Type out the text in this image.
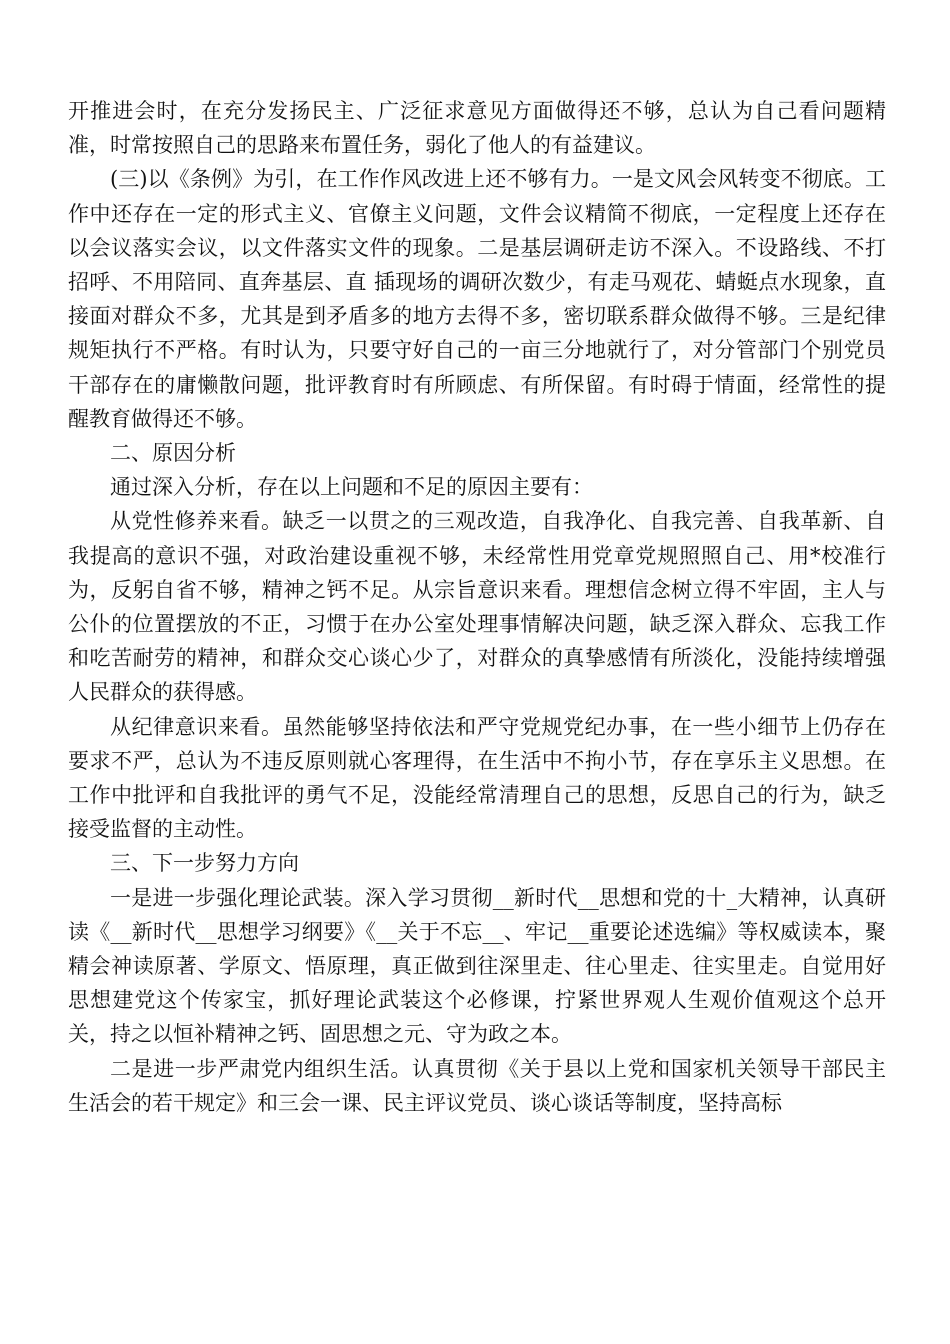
开推进会时，在充分发扬民主、广泛征求意见方面做得还不够，总认为自己看问题精准，时常按照自己的思路来布置任务，弱化了他人的有益建议。

(三)以《条例》为引，在工作作风改进上还不够有力。一是文风会风转变不彻底。工作中还存在一定的形式主义、官僚主义问题，文件会议精简不彻底，一定程度上还存在以会议落实会议，以文件落实文件的现象。二是基层调研走访不深入。不设路线、不打招呼、不用陪同、直奔基层、直 插现场的调研次数少，有走马观花、蜻蜓点水现象，直接面对群众不多，尤其是到矛盾多的地方去得不多，密切联系群众做得不够。三是纪律规矩执行不严格。有时认为，只要守好自己的一亩三分地就行了，对分管部门个别党员干部存在的庸懒散问题，批评教育时有所顾虑、有所保留。有时碍于情面，经常性的提醒教育做得还不够。

二、原因分析

通过深入分析，存在以上问题和不足的原因主要有：

从党性修养来看。缺乏一以贯之的三观改造，自我净化、自我完善、自我革新、自我提高的意识不强，对政治建设重视不够，未经常性用党章党规照照自己、用*校准行为，反躬自省不够，精神之钙不足。从宗旨意识来看。理想信念树立得不牢固，主人与公仆的位置摆放的不正，习惯于在办公室处理事情解决问题，缺乏深入群众、忘我工作和吃苦耐劳的精神，和群众交心谈心少了，对群众的真挚感情有所淡化，没能持续增强人民群众的获得感。

从纪律意识来看。虽然能够坚持依法和严守党规党纪办事，在一些小细节上仍存在要求不严，总认为不违反原则就心客理得，在生活中不拘小节，存在享乐主义思想。在工作中批评和自我批评的勇气不足，没能经常清理自己的思想，反思自己的行为，缺乏接受监督的主动性。

三、下一步努力方向

一是进一步强化理论武装。深入学习贯彻__新时代__思想和党的十_大精神，认真研读《__新时代__思想学习纲要》《__关于不忘__、牢记__重要论述选编》等权威读本，聚精会神读原著、学原文、悟原理，真正做到往深里走、往心里走、往实里走。自觉用好思想建党这个传家宝，抓好理论武装这个必修课，拧紧世界观人生观价值观这个总开关，持之以恒补精神之钙、固思想之元、守为政之本。

二是进一步严肃党内组织生活。认真贯彻《关于县以上党和国家机关领导干部民主生活会的若干规定》和三会一课、民主评议党员、谈心谈话等制度，坚持高标
